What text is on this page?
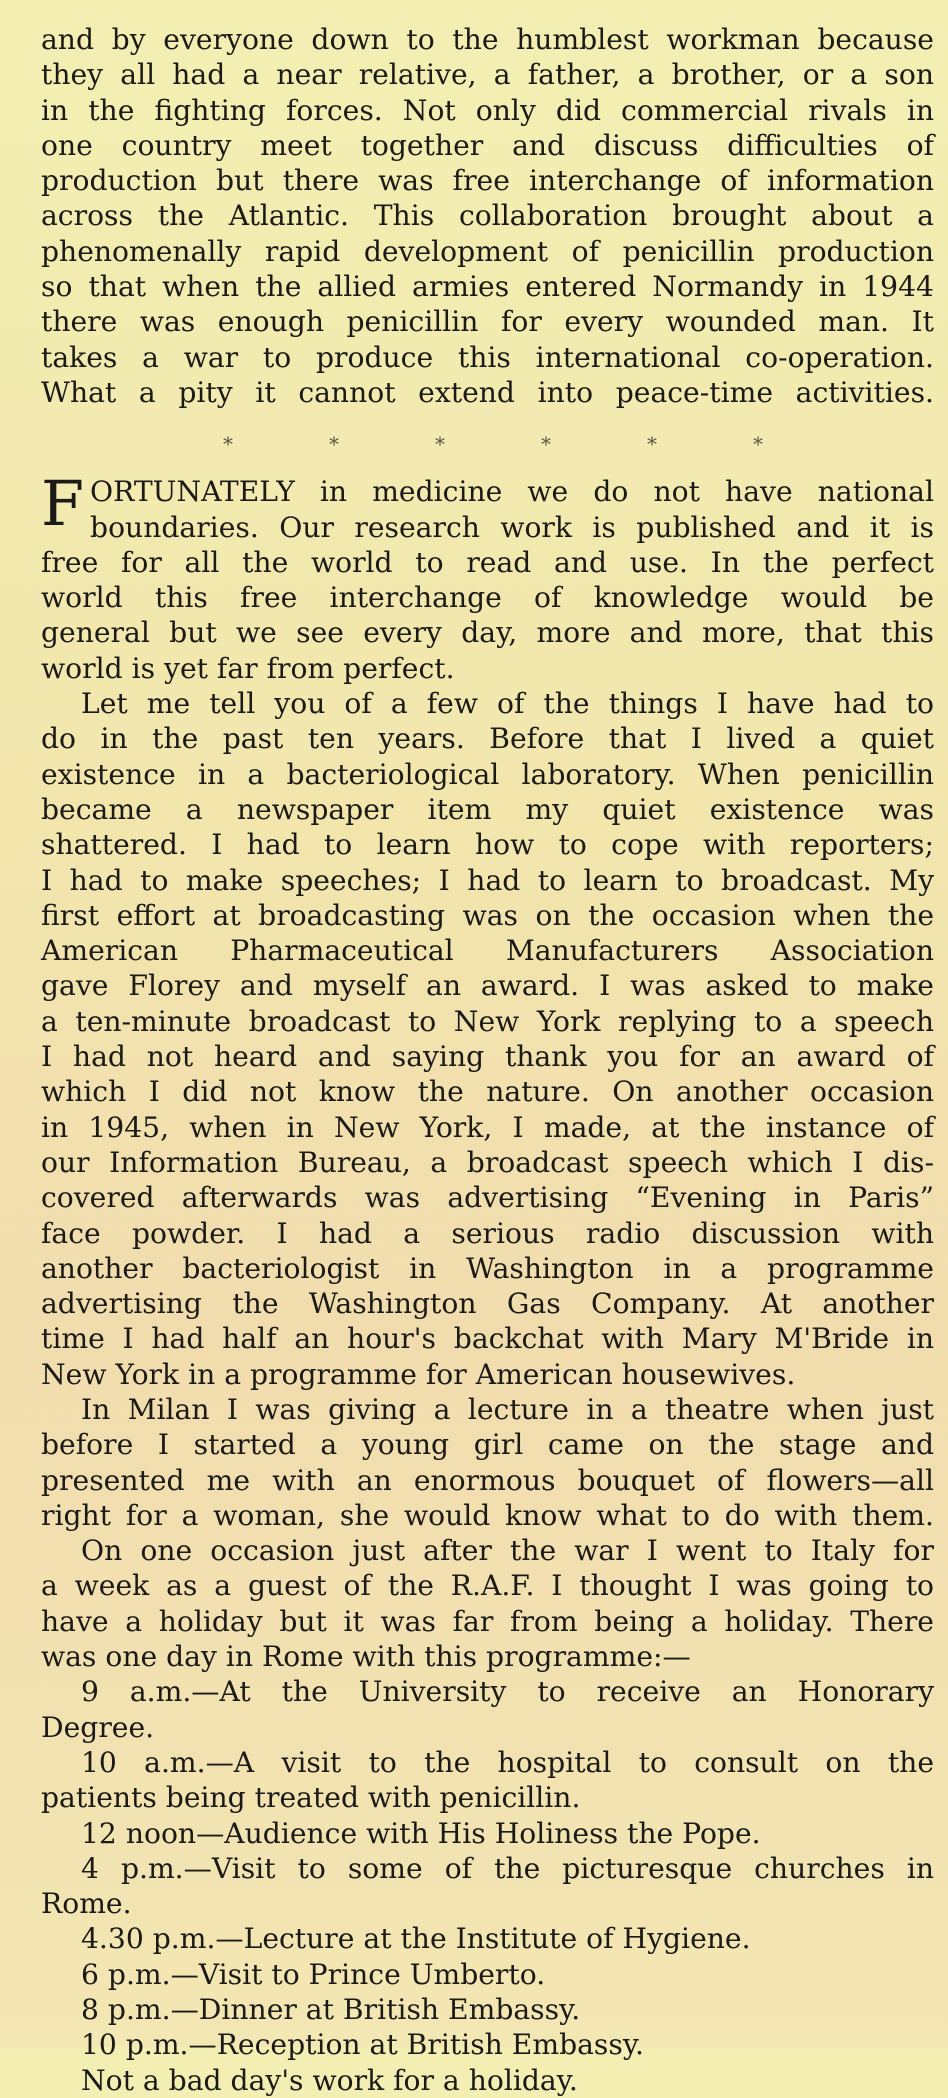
and by everyone down to the humblest workman because
they all had a near relative, a father, a brother, or a son
in the fighting forces. Not only did commercial rivals in
one country meet together and discuss difficulties of
production but there was free interchange of information
across the Atlantic. This collaboration brought about a
phenomenally rapid development of penicillin production
so that when the allied armies entered Normandy in 1944
there was enough penicillin for every wounded man. It
takes a war to produce this international co-operation.
What a pity it cannot extend into peace-time activities.
*	*	*	*	*	*
F ORTUNATELY in medicine we do not have national
boundaries. Our research work is published and it is
free for all the world to read and use. In the perfect
world this free interchange of knowledge would be
general but we see every day, more and more, that this
world is yet far from perfect.
Let me tell you of a few of the things I have had to
do in the past ten years. Before that I lived a quiet
existence in a bacteriological laboratory. When penicillin
became a newspaper item my quiet existence was
shattered. I had to learn how to cope with reporters;
I had to make speeches; I had to learn to broadcast. My
first effort at broadcasting was on the occasion when the
American Pharmaceutical Manufacturers Association
gave Florey and myself an award. I was asked to make
a ten-minute broadcast to New York replying to a speech
I had not heard and saying thank you for an award of
which I did not know the nature. On another occasion
in 1945, when in New York, I made, at the instance of
our Information Bureau, a broadcast speech which I dis-
covered afterwards was advertising “Evening in Paris”
face powder. I had a serious radio discussion with
another bacteriologist in Washington in a programme
advertising the Washington Gas Company. At another
time I had half an hour's backchat with Mary M'Bride in
New York in a programme for American housewives.
In Milan I was giving a lecture in a theatre when just
before I started a young girl came on the stage and
presented me with an enormous bouquet of flowers—all
right for a woman, she would know what to do with them.
On one occasion just after the war I went to Italy for
a week as a guest of the R.A.F. I thought I was going to
have a holiday but it was far from being a holiday. There
was one day in Rome with this programme:—
9 a.m.—At the University to receive an Honorary
Degree.
10 a.m.—A visit to the hospital to consult on the
patients being treated with penicillin.
12 noon—Audience with His Holiness the Pope.
4 p.m.—Visit to some of the picturesque churches in
Rome.
4.30 p.m.—Lecture at the Institute of Hygiene.
6 p.m.—Visit to Prince Umberto.
8 p.m.—Dinner at British Embassy.
10 p.m.—Reception at British Embassy.
Not a bad day's work for a holiday.
